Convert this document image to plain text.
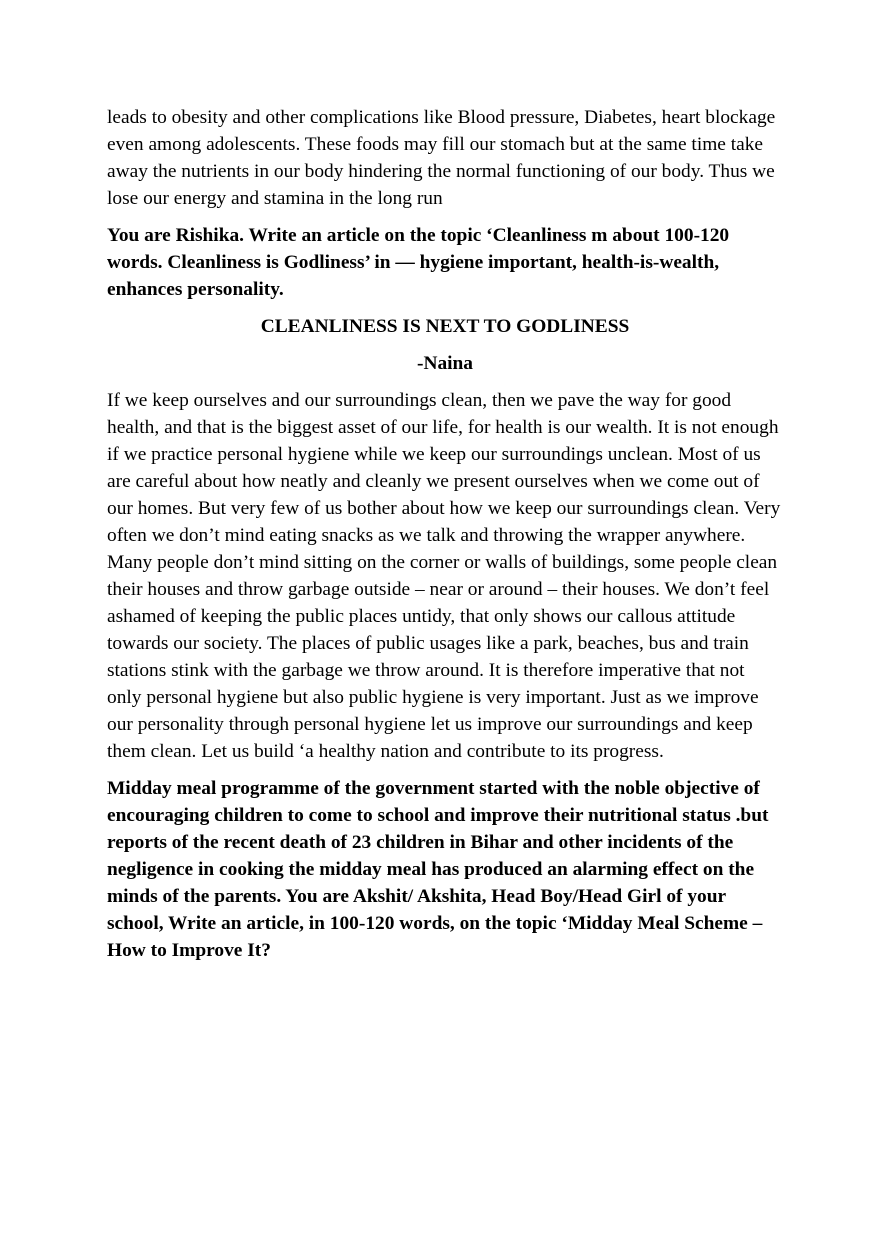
leads to obesity and other complications like Blood pressure, Diabetes, heart blockage even among adolescents. These foods may fill our stomach but at the same time take away the nutrients in our body hindering the normal functioning of our body. Thus we lose our energy and stamina in the long run

You are Rishika. Write an article on the topic ‘Cleanliness m about 100-120 words. Cleanliness is Godliness’ in — hygiene important, health-is-wealth, enhances personality.

CLEANLINESS IS NEXT TO GODLINESS

-Naina

If we keep ourselves and our surroundings clean, then we pave the way for good health, and that is the biggest asset of our life, for health is our wealth. It is not enough if we practice personal hygiene while we keep our surroundings unclean. Most of us are careful about how neatly and cleanly we present ourselves when we come out of our homes. But very few of us bother about how we keep our surroundings clean. Very often we don’t mind eating snacks as we talk and throwing the wrapper anywhere. Many people don’t mind sitting on the corner or walls of buildings, some people clean their houses and throw garbage outside – near or around – their houses. We don’t feel ashamed of keeping the public places untidy, that only shows our callous attitude towards our society. The places of public usages like a park, beaches, bus and train stations stink with the garbage we throw around. It is therefore imperative that not only personal hygiene but also public hygiene is very important. Just as we improve our personality through personal hygiene let us improve our surroundings and keep them clean. Let us build ‘a healthy nation and contribute to its progress.

Midday meal programme of the government started with the noble objective of encouraging children to come to school and improve their nutritional status .but reports of the recent death of 23 children in Bihar and other incidents of the negligence in cooking the midday meal has produced an alarming effect on the minds of the parents. You are Akshit/ Akshita, Head Boy/Head Girl of your school, Write an article, in 100-120 words, on the topic ‘Midday Meal Scheme – How to Improve It?
